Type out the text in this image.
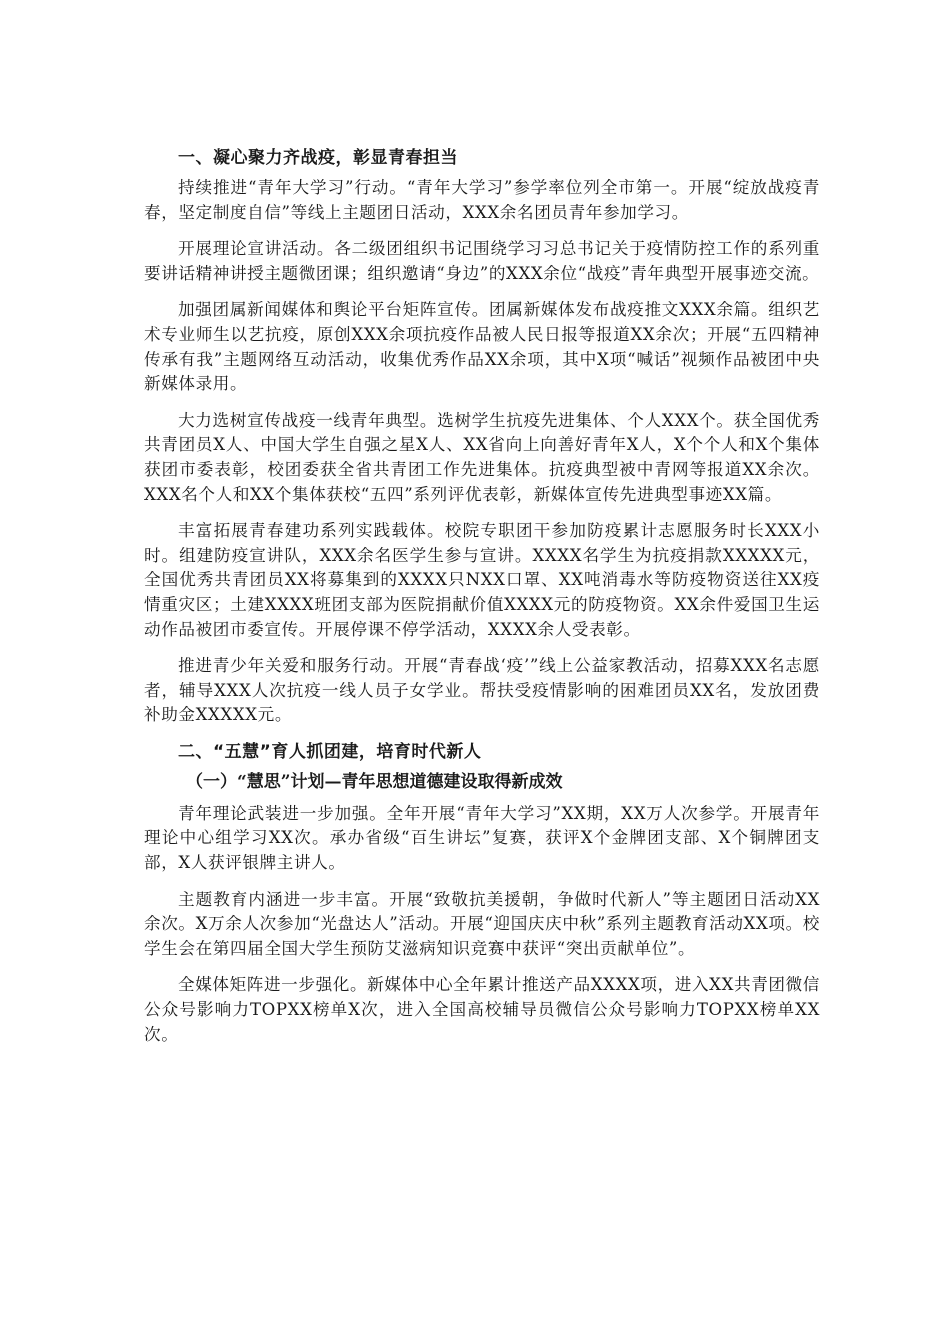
一、凝心聚力齐战疫，彰显青春担当

持续推进“青年大学习”行动。“青年大学习”参学率位列全市第一。开展“绽放战疫青春，坚定制度自信”等线上主题团日活动，XXX余名团员青年参加学习。

开展理论宣讲活动。各二级团组织书记围绕学习习总书记关于疫情防控工作的系列重要讲话精神讲授主题微团课；组织邀请“身边”的XXX余位“战疫”青年典型开展事迹交流。

加强团属新闻媒体和舆论平台矩阵宣传。团属新媒体发布战疫推文XXX余篇。组织艺术专业师生以艺抗疫，原创XXX余项抗疫作品被人民日报等报道XX余次；开展“五四精神传承有我”主题网络互动活动，收集优秀作品XX余项，其中X项“喊话”视频作品被团中央新媒体录用。

大力选树宣传战疫一线青年典型。选树学生抗疫先进集体、个人XXX个。获全国优秀共青团员X人、中国大学生自强之星X人、XX省向上向善好青年X人，X个个人和X个集体获团市委表彰，校团委获全省共青团工作先进集体。抗疫典型被中青网等报道XX余次。XXX名个人和XX个集体获校“五四”系列评优表彰，新媒体宣传先进典型事迹XX篇。

丰富拓展青春建功系列实践载体。校院专职团干参加防疫累计志愿服务时长XXX小时。组建防疫宣讲队，XXX余名医学生参与宣讲。XXXX名学生为抗疫捐款XXXXX元，全国优秀共青团员XX将募集到的XXXX只NXX口罩、XX吨消毒水等防疫物资送往XX疫情重灾区；土建XXXX班团支部为医院捐献价值XXXX元的防疫物资。XX余件爱国卫生运动作品被团市委宣传。开展停课不停学活动，XXXX余人受表彰。

推进青少年关爱和服务行动。开展“青春战‘疫’”线上公益家教活动，招募XXX名志愿者，辅导XXX人次抗疫一线人员子女学业。帮扶受疫情影响的困难团员XX名，发放团费补助金XXXXX元。

二、“五慧”育人抓团建，培育时代新人
（一）“慧思”计划—青年思想道德建设取得新成效

青年理论武装进一步加强。全年开展“青年大学习”XX期，XX万人次参学。开展青年理论中心组学习XX次。承办省级“百生讲坛”复赛，获评X个金牌团支部、X个铜牌团支部，X人获评银牌主讲人。

主题教育内涵进一步丰富。开展“致敬抗美援朝，争做时代新人”等主题团日活动XX余次。X万余人次参加“光盘达人”活动。开展“迎国庆庆中秋”系列主题教育活动XX项。校学生会在第四届全国大学生预防艾滋病知识竞赛中获评“突出贡献单位”。

全媒体矩阵进一步强化。新媒体中心全年累计推送产品XXXX项，进入XX共青团微信公众号影响力TOPXX榜单X次，进入全国高校辅导员微信公众号影响力TOPXX榜单XX次。
